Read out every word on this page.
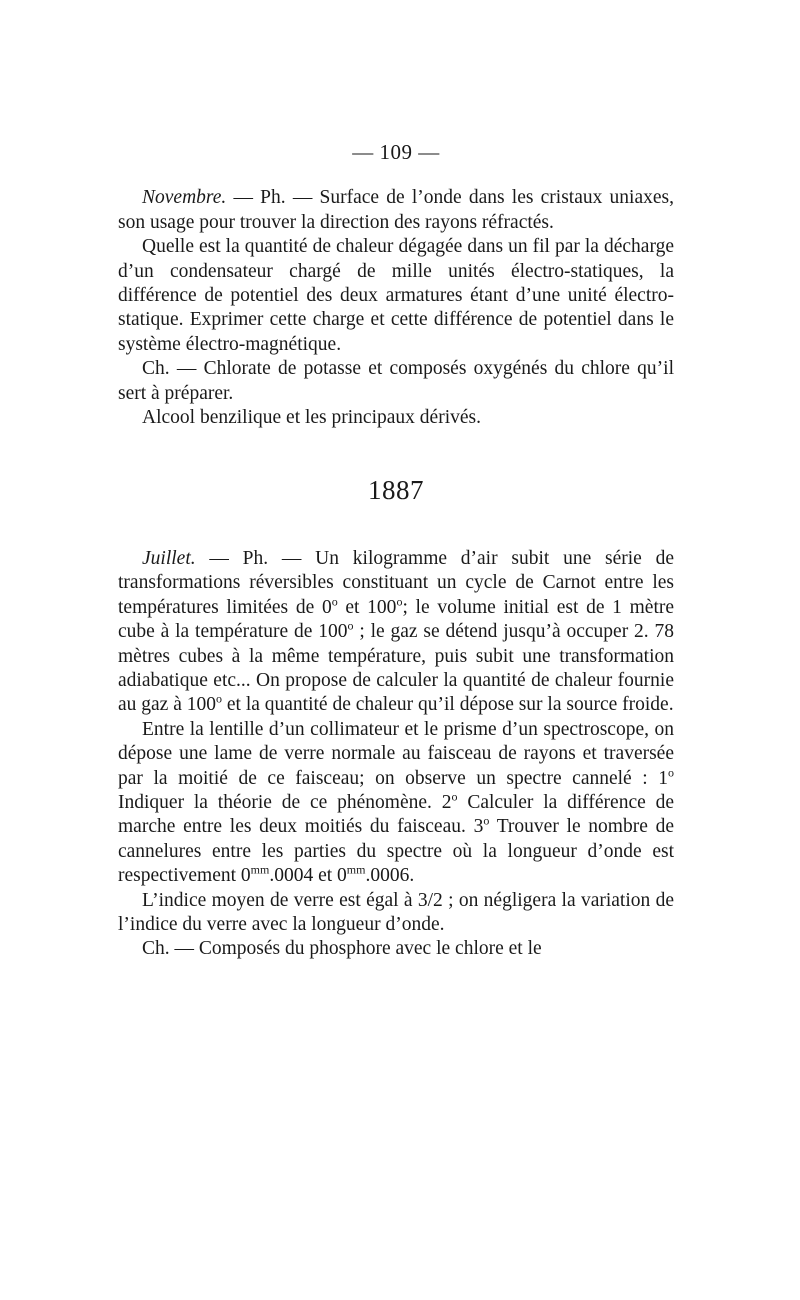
— 109 —

Novembre. — Ph. — Surface de l’onde dans les cristaux uniaxes, son usage pour trouver la direction des rayons réfractés.

Quelle est la quantité de chaleur dégagée dans un fil par la décharge d’un condensateur chargé de mille unités électro-statiques, la différence de potentiel des deux armatures étant d’une unité électro-statique. Exprimer cette charge et cette différence de potentiel dans le système électro-magnétique.

Ch. — Chlorate de potasse et composés oxygénés du chlore qu’il sert à préparer.

Alcool benzilique et les principaux dérivés.

1887

Juillet. — Ph. — Un kilogramme d’air subit une série de transformations réversibles constituant un cycle de Carnot entre les températures limitées de 0$^o$ et 100$^o$; le volume initial est de 1 mètre cube à la température de 100$^o$ ; le gaz se détend jusqu’à occuper 2. 78 mètres cubes à la même température, puis subit une transformation adiabatique etc... On propose de calculer la quantité de chaleur fournie au gaz à 100$^o$ et la quantité de chaleur qu’il dépose sur la source froide.

Entre la lentille d’un collimateur et le prisme d’un spectroscope, on dépose une lame de verre normale au faisceau de rayons et traversée par la moitié de ce faisceau; on observe un spectre cannelé : 1$^o$ Indiquer la théorie de ce phénomène. 2$^o$ Calculer la différence de marche entre les deux moitiés du faisceau. 3$^o$ Trouver le nombre de cannelures entre les parties du spectre où la longueur d’onde est respectivement $0^{mm}.0004$ et $0^{mm}.0006$.

L’indice moyen de verre est égal à 3/2 ; on négligera la variation de l’indice du verre avec la longueur d’onde.

Ch. — Composés du phosphore avec le chlore et le
